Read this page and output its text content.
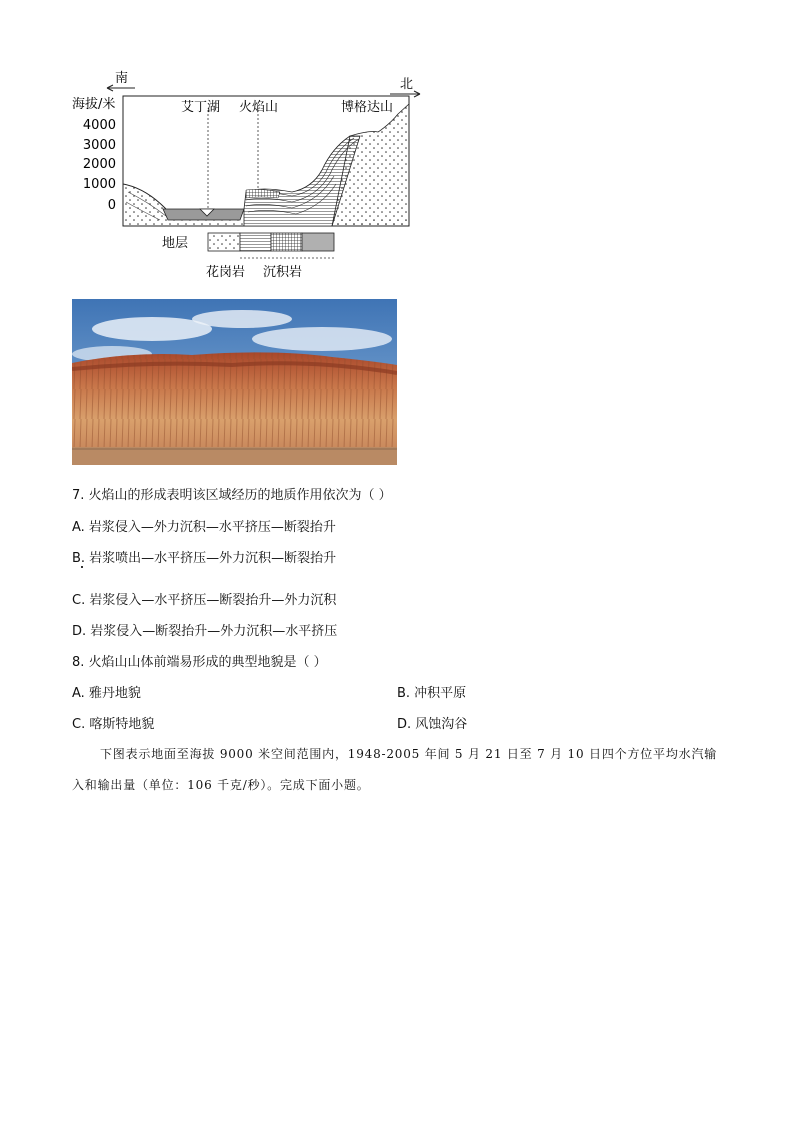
南	北
海拔/米
4000
3000
2000
1000
0
艾丁湖 火焰山	博格达山
地层
花岗岩 沉积岩
7. 火焰山的形成表明该区域经历的地质作用依次为（ ）
A. 岩浆侵入—外力沉积—水平挤压—断裂抬升
B. 岩浆喷出—水平挤压—外力沉积—断裂抬升
C. 岩浆侵入—水平挤压—断裂抬升—外力沉积
D. 岩浆侵入—断裂抬升—外力沉积—水平挤压
8. 火焰山山体前端易形成的典型地貌是（ ）
A. 雅丹地貌	B. 冲积平原
C. 喀斯特地貌	D. 风蚀沟谷
下图表示地面至海拔 9000 米空间范围内，1948-2005 年间 5 月 21 日至 7 月 10 日四个方位平均水汽输
入和输出量（单位：106 千克/秒）。完成下面小题。
